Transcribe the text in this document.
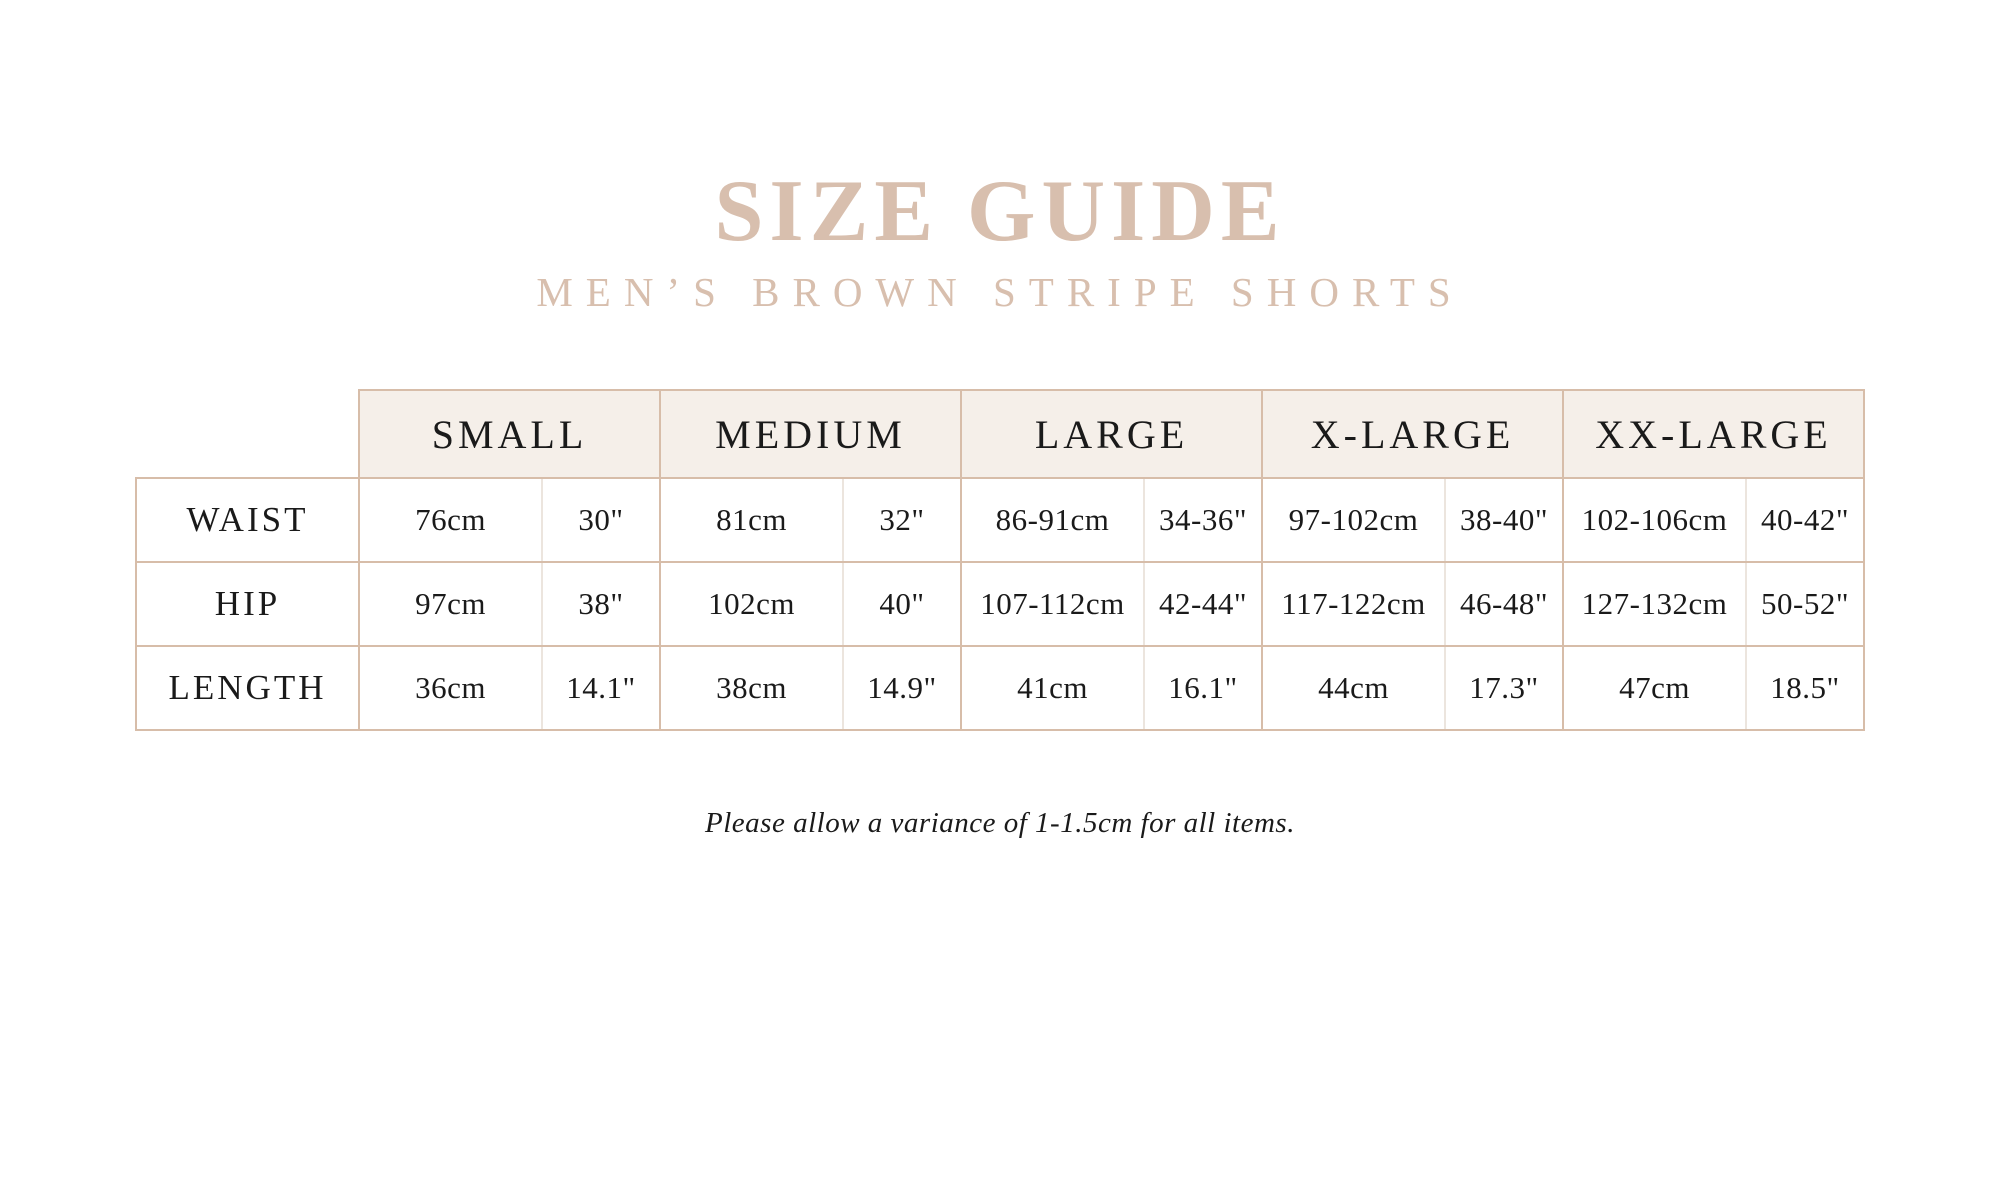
SIZE GUIDE
MEN’S BROWN STRIPE SHORTS
	SMALL		MEDIUM		LARGE		X-LARGE		XX-LARGE	
WAIST	76cm	30"	81cm	32"	86-91cm	34-36"	97-102cm	38-40"	102-106cm	40-42"
HIP	97cm	38"	102cm	40"	107-112cm	42-44"	117-122cm	46-48"	127-132cm	50-52"
LENGTH	36cm	14.1"	38cm	14.9"	41cm	16.1"	44cm	17.3"	47cm	18.5"

Please allow a variance of 1-1.5cm for all items.
